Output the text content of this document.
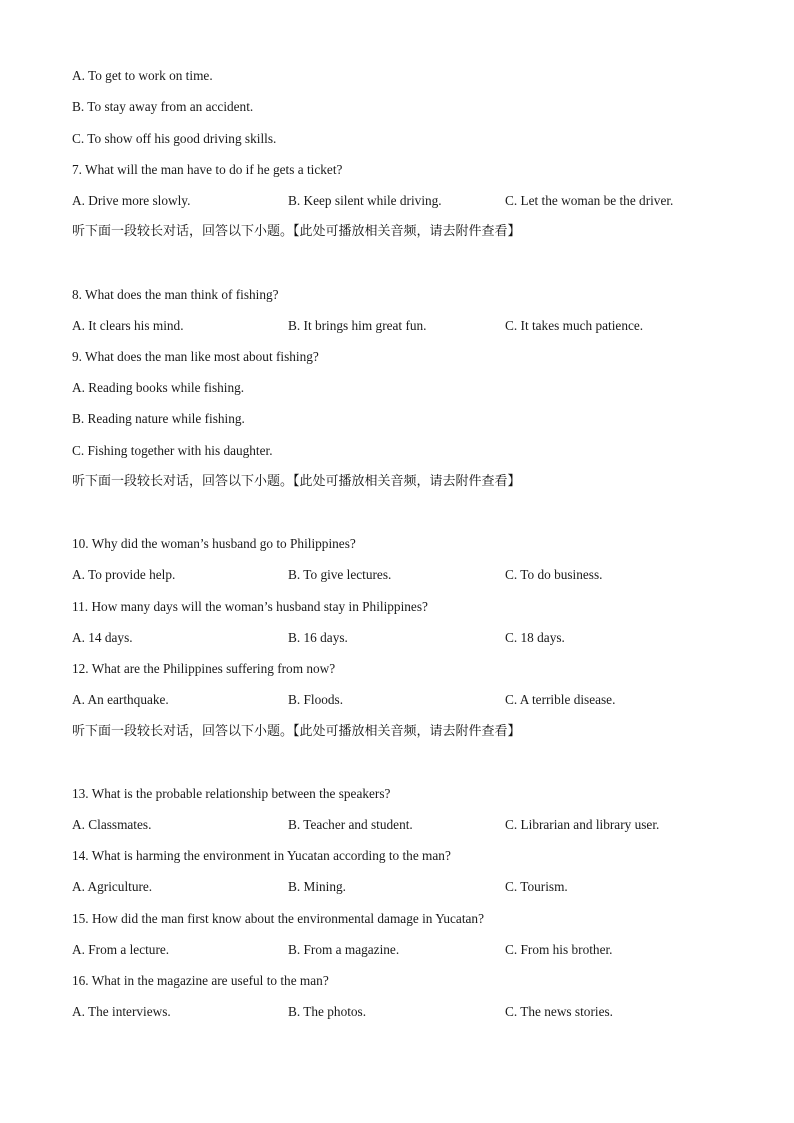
A. To get to work on time.
B. To stay away from an accident.
C. To show off his good driving skills.
7. What will the man have to do if he gets a ticket?
A. Drive more slowly.	B. Keep silent while driving.	C. Let the woman be the driver.
听下面一段较长对话，回答以下小题。【此处可播放相关音频，请去附件查看】
8. What does the man think of fishing?
A. It clears his mind.	B. It brings him great fun.	C. It takes much patience.
9. What does the man like most about fishing?
A. Reading books while fishing.
B. Reading nature while fishing.
C. Fishing together with his daughter.
听下面一段较长对话，回答以下小题。【此处可播放相关音频，请去附件查看】
10. Why did the woman’s husband go to Philippines?
A. To provide help.	B. To give lectures.	C. To do business.
11. How many days will the woman’s husband stay in Philippines?
A. 14 days.	B. 16 days.	C. 18 days.
12. What are the Philippines suffering from now?
A. An earthquake.	B. Floods.	C. A terrible disease.
听下面一段较长对话，回答以下小题。【此处可播放相关音频，请去附件查看】
13. What is the probable relationship between the speakers?
A. Classmates.	B. Teacher and student.	C. Librarian and library user.
14. What is harming the environment in Yucatan according to the man?
A. Agriculture.	B. Mining.	C. Tourism.
15. How did the man first know about the environmental damage in Yucatan?
A. From a lecture.	B. From a magazine.	C. From his brother.
16. What in the magazine are useful to the man?
A. The interviews.	B. The photos.	C. The news stories.
